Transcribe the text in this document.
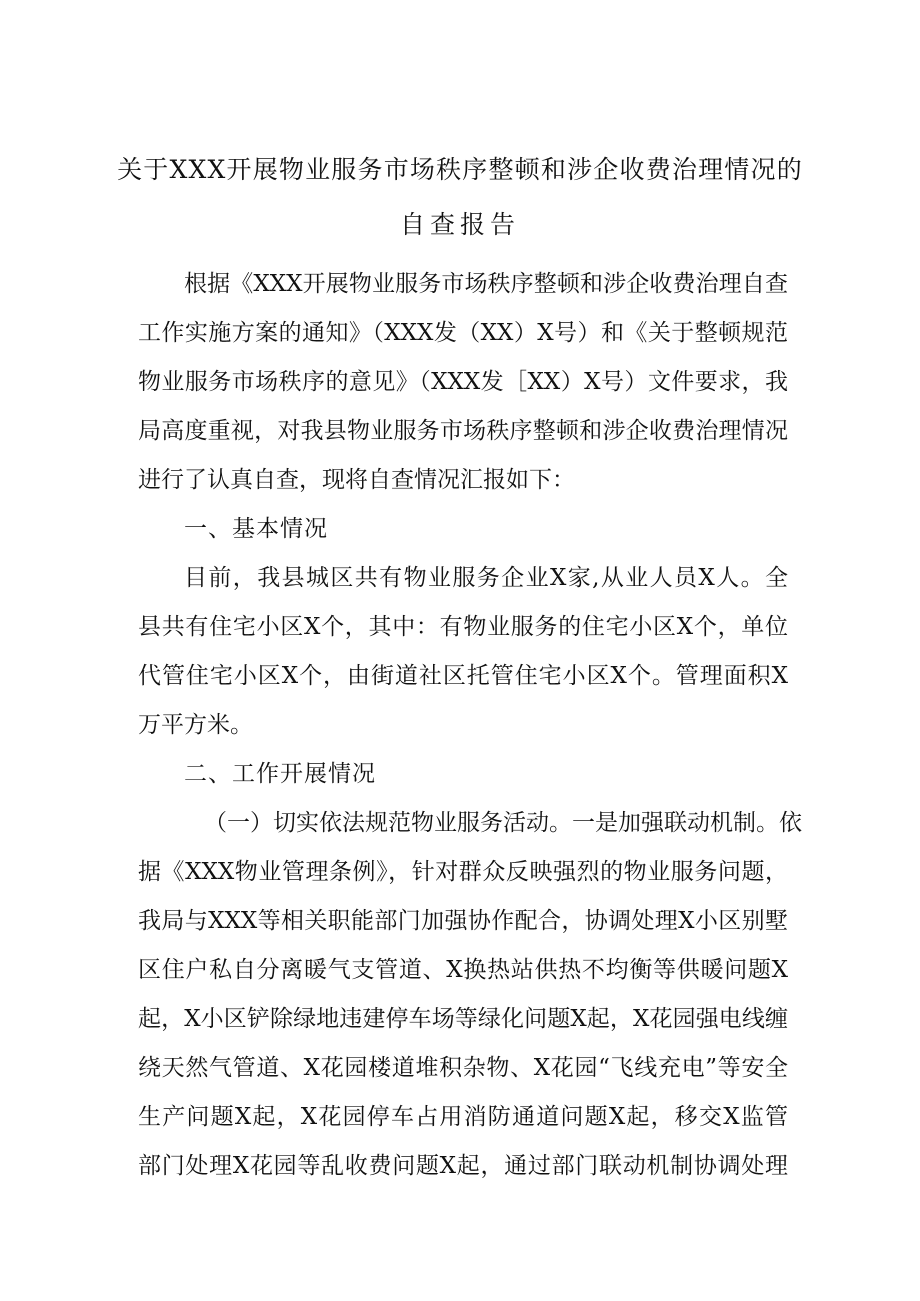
关于XXX开展物业服务市场秩序整顿和涉企收费治理情况的
自查报告
根据《XXX开展物业服务市场秩序整顿和涉企收费治理自查
工作实施方案的通知》（XXX发（XX）X号）和《关于整顿规范
物业服务市场秩序的意见》（XXX发［XX）X号）文件要求，我
局高度重视，对我县物业服务市场秩序整顿和涉企收费治理情况
进行了认真自查，现将自查情况汇报如下：
一、基本情况
目前，我县城区共有物业服务企业X家,从业人员X人。全
县共有住宅小区X个，其中：有物业服务的住宅小区X个，单位
代管住宅小区X个，由街道社区托管住宅小区X个。管理面积X
万平方米。
二、工作开展情况
（一）切实依法规范物业服务活动。一是加强联动机制。依
据《XXX物业管理条例》，针对群众反映强烈的物业服务问题，
我局与XXX等相关职能部门加强协作配合，协调处理X小区别墅
区住户私自分离暖气支管道、X换热站供热不均衡等供暖问题X
起，X小区铲除绿地违建停车场等绿化问题X起，X花园强电线缠
绕天然气管道、X花园楼道堆积杂物、X花园“飞线充电”等安全
生产问题X起，X花园停车占用消防通道问题X起，移交X监管
部门处理X花园等乱收费问题X起，通过部门联动机制协调处理
